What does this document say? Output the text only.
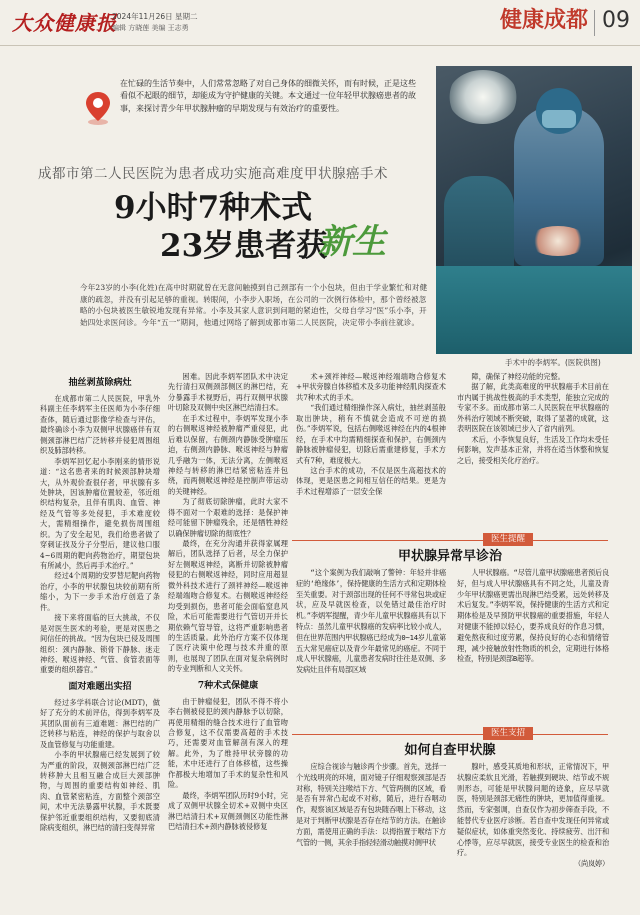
大众健康报
2024年11月26日 星期二
编辑 方晓莲 美编 王志勇	健康成都 09
在忙碌的生活节奏中，人们常常忽略了对自己身体的细微关怀，而有时候，正是这些看似不起眼的细节，却能成为守护健康的关键。本文通过一位年轻甲状腺癌患者的故事，来探讨青少年甲状腺肿瘤的早期发现与有效治疗的重要性。
手术中的李炳军。(医院供图)
成都市第二人民医院为患者成功实施高难度甲状腺癌手术
9小时7种术式
23岁患者获
新生
今年23岁的小李(化姓)在高中时期就曾在无意间触摸到自己颈部有一个小包块，但由于学业繁忙和对健康的疏忽，并没有引起足够的重视。转眼间，小李步入职场，在公司的一次例行体检中，那个曾经被忽略的小包块被医生敏锐地发现有异常。小李及其家人意识到问题的紧迫性，父母自学习“医”乐小李，开始四处求医问诊。今年“五一”期间，他通过网络了解到成都市第二人民医院，决定带小李前往就诊。
抽丝剥茧除病灶

在成都市第二人民医院，甲乳外科副主任李炳军主任医师为小李仔细查体，随后通过影像学检查与评估，最终确诊小李为双侧甲状腺癌伴有双侧颈部淋巴结广泛转移并侵犯周围组织及肺部转移。

李炳军回忆起小李刚来的情形说道：“这名患者来的时候颈部肿块增大，从外观价查很仔者，甲状腺有多处肿块，因该肿瘤位置较差，邻近组织结构复杂，且伴有肌肉、血管、神经及气管等多处侵犯，手术难度较大，需精细操作，避免损伤周围组织。为了安全起见，我们给患者做了穿刺证找及分子分型后，建议他口服4~6周期的靶向药物治疗，期望包块有所减小，然后再手术治疗。”

经过4个周期的安罗替尼靶向药物治疗，小李的甲状腺包块较前期有所缩小，为下一步手术治疗创造了条件。

接下来将面临的巨大挑战，不仅是对医生医术的考验，更是对医患之间信任的挑战。“因为包块已侵及周围组织：颈内静脉、锁骨下静脉、迷走神经、喉返神经、气管、食管表面等重要的组织器官。”

面对难题出实招

经过多学科联合讨论(MDT)，做好了充分的术前评估，得到李炳军及其团队面前有三道难题：淋巴结的广泛转移与粘连，神经的保护与取舍以及血管修复与功能重建。

小李的甲状腺癌已经发展到了较为严重的阶段，双侧颈部淋巴结广泛转移肿大且相互融合成巨大颈部肿物，与周围的重要结构如神经、肌肉、血管紧密粘连，方面整个颈部空间，术中无法暴露甲状腺，手术既要保护邻近重要组织结构，又要彻底清除病变组织，淋巴结的清扫变得异常

困难。因此李炳军团队术中决定先行清扫双侧颈部侧区的淋巴结，充分暴露手术视野后，再行双侧甲状腺叶切除及双侧中央区淋巴结清扫术。

在手术过程中，李炳军发现小李的右侧喉返神经被肿瘤严重侵犯，此后难以保留，右侧颈内静脉受肿瘤压迫，右侧颈内静脉、喉返神经与肿瘤几乎融为一体，无法分离，左侧喉返神经与转移的淋巴结紧密粘连并包绕，而两侧喉返神经是控制声带运动的关键神经。

为了彻底切除肿瘤，此时大家不得不面对一个艰难的选择：是保护神经可能留下肿瘤残余，还是牺牲神经以确保肿瘤切除的彻底性？

最终，在充分沟通并获得家属理解后，团队选择了后者，尽全力保护好左侧喉返神经，离断并切除被肿瘤侵犯的右侧喉返神经，同时应用超显微外科技术进行了颈袢神经—喉返神经端端吻合修复术。右侧喉返神经经均受到损伤，患者可能会面临窒息风险，术后可能需要进行气管切开并长期依赖气管导管，这将严重影响患者的生活质量。此外治疗方案不仅体现了医疗决策中伦理与技术并重的原则，也展现了团队在面对复杂病例时的专业判断和人文关怀。

7种术式保健康

由于肿瘤侵犯，团队不得不将小李右侧被侵犯的颈内静脉予以切除，再使用精细的缝合技术进行了血管吻合修复，这不仅需要高超的手术技巧，还需要对血管解剖有深入的理解。此外，为了维持甲状旁腺的功能，术中还进行了自体移植，这些操作都极大地增加了手术的复杂性和风险。

最终，李炳军团队历时9小时，完成了双侧甲状腺全切术+双侧中央区淋巴结清扫术+双侧颈侧区功能性淋巴结清扫术+颈内静脉被侵修复

术+颈袢神经—喉返神经端端吻合修复术+甲状旁腺自体移植术及多功能神经肌肉探查术共7种术式的手术。

“我们通过精细操作深入病灶，抽丝剥茧般取出肿块，稍有不慎就会造成不可逆的损伤。”李炳军说，包括右侧喉返神经在内的4根神经，在手术中均需精细探查和保护，右侧颈内静脉被肿瘤侵犯，切除后需重建修复，手术方式有7种，难度极大。

这台手术的成功，不仅是医生高超技术的体现，更是医患之间相互信任的结果。更是为手术过程增添了一层安全保

障，确保了神经功能的完整。

据了解，此类高难度的甲状腺癌手术目前在市内属于挑战性极高的手术类型，能独立完成的专家不多。而成都市第二人民医院在甲状腺癌的外科治疗领域不断突破，取得了显著的成就，这表明医院在该领域已步入了省内前列。

术后，小李恢复良好，生活及工作均未受任何影响，发声基本正常，并将在适当休整和恢复之后，接受相关化疗治疗。

医生提醒
甲状腺异常早诊治

“这个案例为我们敲响了警钟：年轻并非癌症的‘绝缘体’，保持健康的生活方式和定期体检至关重要。对于颈部出现的任何不寻常包块或症状，应及早就医检查，以免错过最佳治疗时机。”李炳军提醒，青少年儿童甲状腺癌具有以下特点：虽然儿童甲状腺癌的发病率比较小成人，但在世界范围内甲状腺癌已经成为0~14岁儿童第五大常见癌症以及青少年最常见的癌症。不同于成人甲状腺癌，儿童患者发病时往往是双侧、多发病灶且伴有局部区域

人甲状腺癌。“尽管儿童甲状腺癌患者预后良好，但与成人甲状腺癌具有不同之处，儿童及青少年甲状腺癌更需出现淋巴结受累，远处转移及术后复发。”李炳军说，保持健康的生活方式和定期体检是及早预防甲状腺癌的重要措施，年轻人对健康不能掉以轻心，要养成良好的作息习惯，避免熬夜和过度劳累，保持良好的心态和情绪管理，减少接触放射性物质的机会，定期进行体格检查，特别是颈部B超等。

医生支招
如何自查甲状腺

应综合视诊与触诊两个步骤。首先，选择一个光线明亮的环境，面对镜子仔细观察颈部是否对称，特别关注喉结下方、气管两侧的区域，看是否有异常凸起或不对称，随后，进行吞咽动作，观察该区域是否有包块随吞咽上下移动，这是对于判断甲状腺是否存在结节的方法。在触诊方面，需使用正确的手法：以拇指置于喉结下方气管的一侧，其余手指轻轻滑动触摸对侧甲状

腺叶，感受其质地和形状，正常情况下，甲状腺应柔软且光滑，若触摸到硬块、结节或不规则形态，可能是甲状腺问题的迹象，应尽早就医，特别是颈部无痛性的肿块，更加值得重视。然而，专家强调，自查仅作为初步筛查手段，不能替代专业医疗诊断。若自查中发现任何异常或疑似症状，如体重突然变化、持续疲劳、出汗和心悸等，应尽早就医，接受专业医生的检查和治疗。

（尚岚婷）
